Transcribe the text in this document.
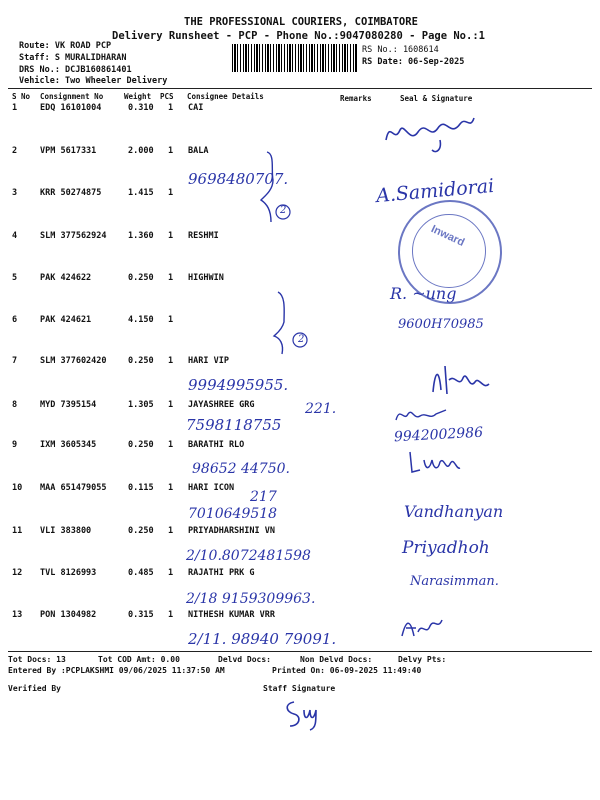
THE PROFESSIONAL COURIERS, COIMBATORE
Delivery Runsheet - PCP - Phone No.:9047080280 - Page No.:1
Route: VK ROAD PCP
Staff: S MURALIDHARAN
DRS No.: DCJB160861401
Vehicle: Two Wheeler Delivery
RS No.: 1608614
RS Date: 06-Sep-2025
S No Consignment No	Weight PCS Consignee Details	Remarks	Seal & Signature
1	EDQ 16101004	0.310 1 CAI
2	VPM 5617331	2.000 1 BALA
3	KRR 50274875	1.415 1
4	SLM 377562924	1.360 1 RESHMI
5	PAK 424622	0.250 1 HIGHWIN
6	PAK 424621	4.150 1
7	SLM 377602420	0.250 1 HARI VIP
8	MYD 7395154	1.305 1 JAYASHREE GRG
9	IXM 3605345	0.250 1 BARATHI RLO
10 MAA 651479055	0.115 1 HARI ICON
11 VLI 383800	0.250 1 PRIYADHARSHINI VN
12 TVL 8126993	0.485 1 RAJATHI PRK G
13 PON 1304982	0.315 1 NITHESH KUMAR VRR
9698480707.	A.Samidorai
R. ~ung
9600H70985
9994995955.
221.
7598118755	9942002986
98652 44750.
217
7010649518	Vandhanyan
2/10.8072481598	Priyadhoh
2/18 9159309963.
Narasimman.
2/11. 98940 79091.
2
2
Inward
Tot Docs: 13	Tot COD Amt: 0.00	Delvd Docs:	Non Delvd Docs:	Delvy Pts:
Entered By :PCPLAKSHMI 09/06/2025 11:37:50 AM	Printed On: 06-09-2025 11:49:40
Verified By	Staff Signature
